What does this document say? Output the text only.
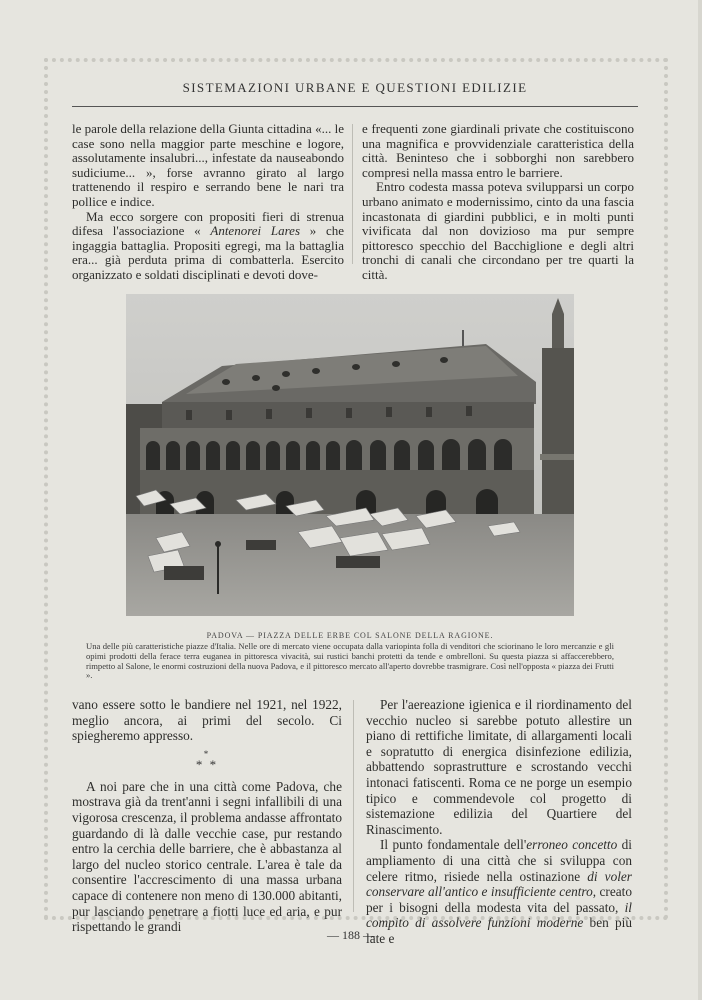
SISTEMAZIONI URBANE E QUESTIONI EDILIZIE

le parole della relazione della Giunta cittadina «... le case sono nella maggior parte meschine e logore, assolutamente insalubri..., infestate da nauseabondo sudiciume... », forse avranno girato al largo trattenendo il respiro e serrando bene le nari tra pollice e indice.

Ma ecco sorgere con propositi fieri di strenua difesa l'associazione « Antenorei Lares » che ingaggia battaglia. Propositi egregi, ma la battaglia era... già perduta prima di combatterla. Esercito organizzato e soldati disciplinati e devoti dove-

e frequenti zone giardinali private che costituiscono una magnifica e provvidenziale caratteristica della città. Beninteso che i sobborghi non sarebbero compresi nella massa entro le barriere.

Entro codesta massa poteva svilupparsi un corpo urbano animato e modernissimo, cinto da una fascia incastonata di giardini pubblici, e in molti punti vivificata dal non dovizioso ma pur sempre pittoresco specchio del Bacchiglione e degli altri tronchi di canali che circondano per tre quarti la città.

PADOVA — PIAZZA DELLE ERBE COL SALONE DELLA RAGIONE.

Una delle più caratteristiche piazze d'Italia. Nelle ore di mercato viene occupata dalla variopinta folla di venditori che sciorinano le loro mercanzie e gli opimi prodotti della ferace terra euganea in pittoresca vivacità, sui rustici banchi protetti da tende e ombrelloni. Su questa piazza si affaccerebbero, rimpetto al Salone, le enormi costruzioni della nuova Padova, e il pittoresco mercato all'aperto dovrebbe trasmigrare. Così nell'opposta « piazza dei Frutti ».

vano essere sotto le bandiere nel 1921, nel 1922, meglio ancora, ai primi del secolo. Ci spiegheremo appresso.

*
* *

A noi pare che in una città come Padova, che mostrava già da trent'anni i segni infallibili di una vigorosa crescenza, il problema andasse affrontato guardando di là dalle vecchie case, pur restando entro la cerchia delle barriere, che è abbastanza al largo del nucleo storico centrale. L'area è tale da consentire l'accrescimento di una massa urbana capace di contenere non meno di 130.000 abitanti, pur lasciando penetrare a fiotti luce ed aria, e pur rispettando le grandi

Per l'aereazione igienica e il riordinamento del vecchio nucleo si sarebbe potuto allestire un piano di rettifiche limitate, di allargamenti locali e sopratutto di energica disinfezione edilizia, abbattendo soprastrutture e scrostando vecchi intonaci fatiscenti. Roma ce ne porge un esempio tipico e commendevole col progetto di sistemazione edilizia del Quartiere del Rinascimento.

Il punto fondamentale dell'erroneo concetto di ampliamento di una città che si sviluppa con celere ritmo, risiede nella ostinazione di voler conservare all'antico e insufficiente centro, creato per i bisogni della modesta vita del passato, il compito di assolvere funzioni moderne ben più late e

— 188 —
